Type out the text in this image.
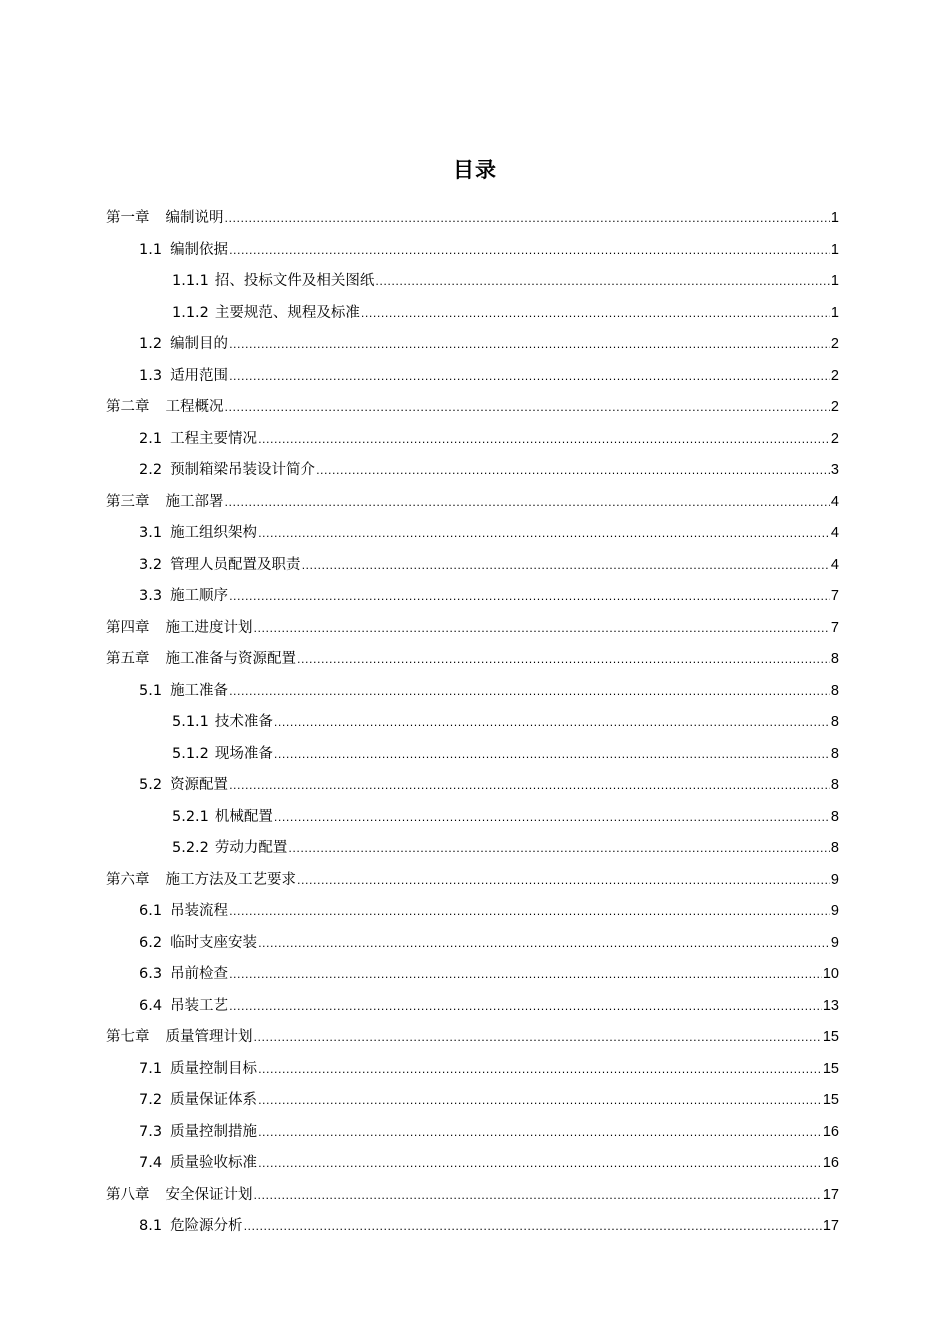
目录
第一章 编制说明 .....	1
1.1 编制依据 .....	1
1.1.1 招、投标文件及相关图纸 .....	1
1.1.2 主要规范、规程及标准 .....	1
1.2 编制目的 .....	2
1.3 适用范围 .....	2
第二章 工程概况 .....	2
2.1 工程主要情况 .....	2
2.2 预制箱梁吊装设计简介 .....	3
第三章 施工部署 .....	4
3.1 施工组织架构 .....	4
3.2 管理人员配置及职责 .....	4
3.3 施工顺序 .....	7
第四章 施工进度计划 .....	7
第五章 施工准备与资源配置 .....	8
5.1 施工准备 .....	8
5.1.1 技术准备 .....	8
5.1.2 现场准备 .....	8
5.2 资源配置 .....	8
5.2.1 机械配置 .....	8
5.2.2 劳动力配置 .....	8
第六章 施工方法及工艺要求 .....	9
6.1 吊装流程 .....	9
6.2 临时支座安装 .....	9
6.3 吊前检查 .....	10
6.4 吊装工艺 .....	13
第七章 质量管理计划 .....	15
7.1 质量控制目标 .....	15
7.2 质量保证体系 .....	15
7.3 质量控制措施 .....	16
7.4 质量验收标准 .....	16
第八章 安全保证计划 .....	17
8.1 危险源分析 .....	17
